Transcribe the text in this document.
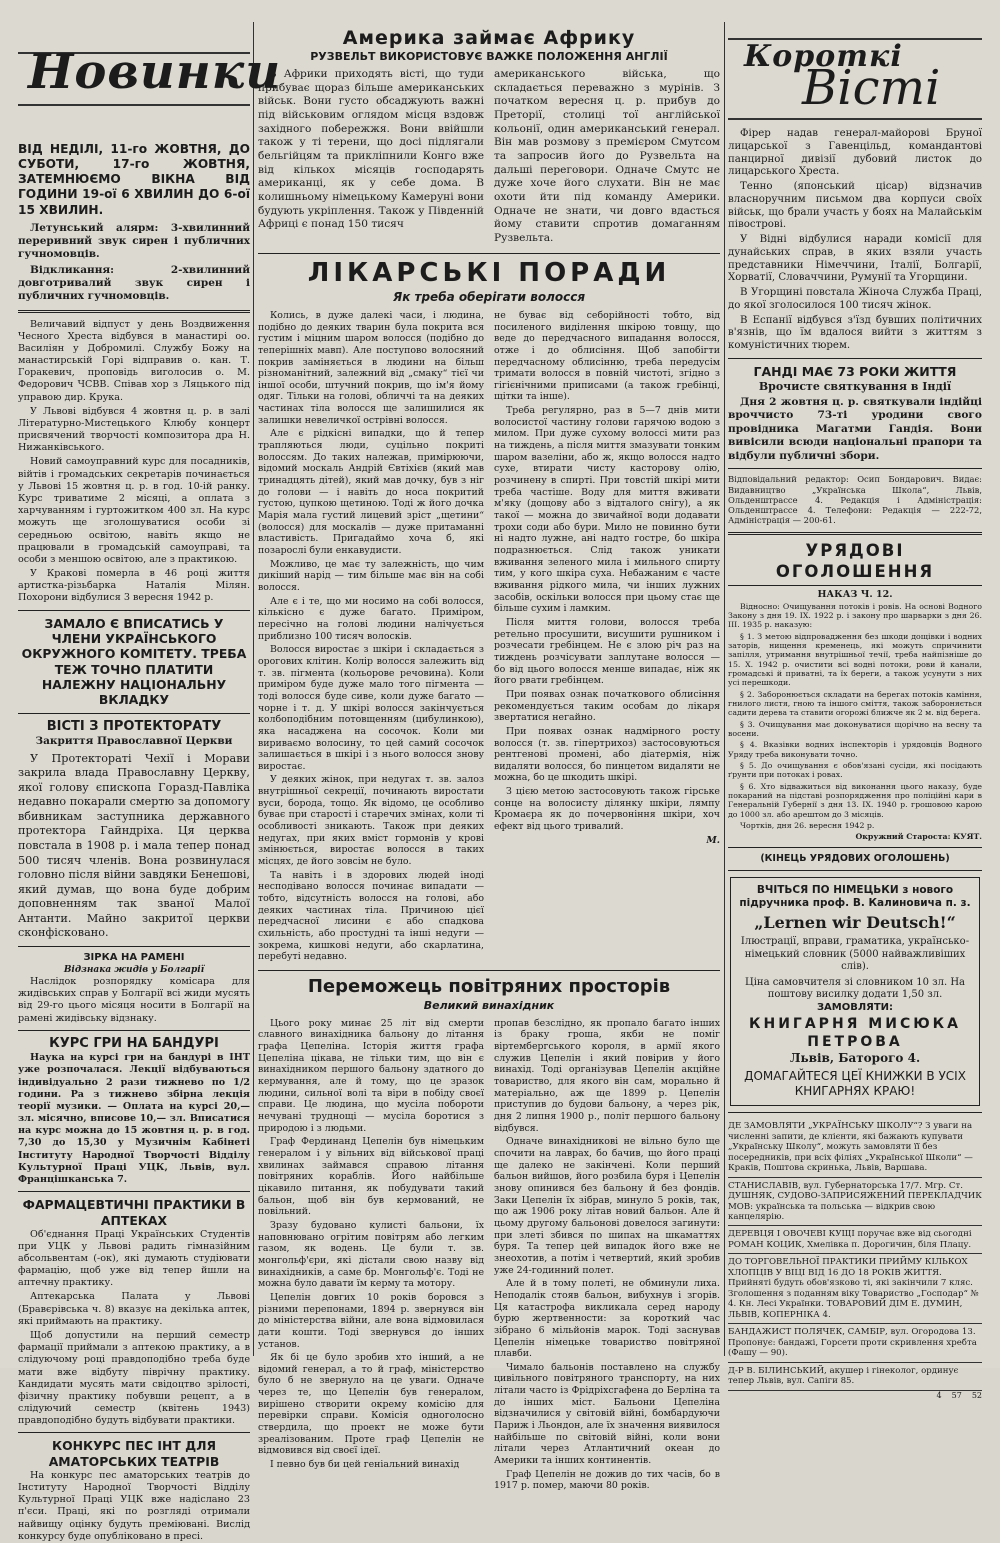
Новинки
ВІД НЕДІЛІ, 11-го ЖОВТНЯ, ДО СУБОТИ, 17-го ЖОВТНЯ, ЗАТЕМНЮЄМО ВІКНА ВІД ГОДИНИ 19-ої 6 ХВИЛИН ДО 6-ої 15 ХВИЛИН.

Летунський алярм: 3-хвилинний переривний звук сирен і публичних гучномовців.

Відкликання: 2-хвилинний довготривалий звук сирен і публичних гучномовців.

Величавий відпуст у день Воздвиження Чесного Хреста відбувся в манастирі оо. Василіян у Добромилі. Службу Божу на манастирській Горі відправив о. кан. Т. Горакевич, проповідь виголосив о. М. Федорович ЧСВВ. Співав хор з Ляцького під управою дир. Крука.

У Львові відбувся 4 жовтня ц. р. в залі Літературно-Мистецького Клюбу концерт присвячений творчості композитора дра Н. Нижанківського.

Новий самоуправний курс для посадників, війтів і громадських секретарів починається у Львові 15 жовтня ц. р. в год. 10-ій ранку. Курс триватиме 2 місяці, а оплата з харчуванням і гуртожитком 400 зл. На курс можуть ще зголошуватися особи зі середньою освітою, навіть якщо не працювали в громадській самоуправі, та особи з меншою освітою, але з практикою.

У Кракові померла в 46 році життя артистка-різьбарка Наталія Мілян. Похорони відбулися 3 вересня 1942 р.

ЗАМАЛО Є ВПИСАТИСЬ У ЧЛЕНИ УКРАЇНСЬКОГО ОКРУЖНОГО КОМІТЕТУ. ТРЕБА ТЕЖ ТОЧНО ПЛАТИТИ НАЛЕЖНУ НАЦІОНАЛЬНУ ВКЛАДКУ
ВІСТІ З ПРОТЕКТОРАТУ
Закриття Православної Церкви

У Протектораті Чехії і Морави закрила влада Православну Церкву, якої голову єпископа Горазд-Павліка недавно покарали смертю за допомогу вбивникам заступника державного протектора Гайндріха. Ця церква повстала в 1908 р. і мала тепер понад 500 тисяч членів. Вона розвинулася головно після війни завдяки Бенешові, який думав, що вона буде добрим доповненням так званої Малої Антанти. Майно закритої церкви сконфісковано.

ЗІРКА НА РАМЕНІ
Відзнака жидів у Болгарії

Наслідок розпорядку комісара для жидівських справ у Болгарії всі жиди мусять від 29-го цього місяця носити в Болгарії на рамені жидівську відзнаку.

КУРС ГРИ НА БАНДУРІ

Наука на курсі гри на бандурі в ІНТ уже розпочалася. Лекції відбуваються індивідуально 2 рази тижнево по 1/2 години. Ра з тижнево збірна лекція теорії музики. — Оплата на курсі 20,— зл. місячно, вписове 10,— зл. Вписатися на курс можна до 15 жовтня ц. р. в год. 7,30 до 15,30 у Музичнім Кабінеті Інституту Народної Творчості Відділу Культурної Праці УЦК, Львів, вул. Францішканська 7.

ФАРМАЦЕВТИЧНІ ПРАКТИКИ В АПТЕКАХ

Об'єднання Праці Українських Студентів при УЦК у Львові радить гімназійним абсольвентам (-ок), які думають студіювати фармацію, щоб уже від тепер йшли на аптечну практику.

Аптекарська Палата у Львові (Бравєрівська ч. 8) вказує на декілька аптек, які приймають на практику.

Щоб допустили на перший семестр фармації приймали з аптекою практику, а в слідуючому році правдоподібно треба буде мати вже відбуту піврічну практику. Кандидати мусять мати свідоцтво зрілості, фізичну практику побувши рецепт, а в слідуючий семестр (квітень 1943) правдоподібно будуть відбувати практики.

КОНКУРС ПЕС ІНТ ДЛЯ АМАТОРСЬКИХ ТЕАТРІВ

На конкурс пес аматорських театрів до Інституту Народної Творчості Відділу Культурної Праці УЦК вже надіслано 23 п'єси. Праці, які по розгляді отримали найвищу оцінку будуть преміювані. Вислід конкурсу буде опубліковано в пресі.

Америка займає Африку
РУЗВЕЛЬТ ВИКОРИСТОВУЄ ВАЖКЕ ПОЛОЖЕННЯ АНГЛІЇ

З Африки приходять вісті, що туди прибуває щораз більше американських військ. Вони густо обсаджують важні під військовим оглядом місця вздовж західного побережжя. Вони ввійшли також у ті терени, що досі підлягали бельгійцям та прикліпнили Конго вже від кількох місяців господарять американці, як у себе дома. В колишньому німецькому Камеруні вони будують укріплення. Також у Південній Африці є понад 150 тисяч

американського війська, що складається переважно з мурінів. З початком вересня ц. р. прибув до Преторії, столиці тої англійської кольонії, один американський генерал. Він мав розмову з премієром Смутсом та запросив його до Рузвельта на дальші переговори. Одначе Смутс не дуже хоче його слухати. Він не має охоти йти під команду Америки. Одначе не знати, чи довго вдасться йому ставити спротив домаганням Рузвельта.

ЛІКАРСЬКІ ПОРАДИ
Як треба оберігати волосся

Колись, в дуже далекі часи, і людина, подібно до деяких тварин була покрита вся густим і міцним шаром волосся (подібно до теперішніх мавп). Але поступово волосяний покрив заміняється в людини на більш різноманітний, залежний від „смаку“ тієї чи іншої особи, штучний покрив, що ім'я йому одяг. Тільки на голові, обличчі та на деяких частинах тіла волосся ще залишилися як залишки невеличкої острівні волосся.

Але є рідкісні випадки, що й тепер трапляються люди, суцільно покриті волоссям. До таких належав, примірюючи, відомий москаль Андрій Євтіхієв (який мав тринадцять дітей), який мав дочку, був з ніг до голови — і навіть до носа покритий густою, цупкою щетиною. Тоді ж його дочка Марія мала густий лицевий зріст „щетини“ (волосся) для москалів — дуже притаманні властивість. Пригадаймо хоча б, які позарослі були енкавудисти.

Можливо, це має ту залежність, що чим дикіший нарід — тим більше має він на собі волосся.

Але є і те, що ми носимо на собі волосся, кількісно є дуже багато. Приміром, пересічно на голові людини налічується приблизно 100 тисяч волосків.

Волосся виростає з шкіри і складається з орогових клітин. Колір волосся залежить від т. зв. пігмента (кольорове речовина). Коли приміром буде дуже мало того пігмента — тоді волосся буде сиве, коли дуже багато — чорне і т. д. У шкірі волосся закінчується колбоподібним потовщенням (цибулинкою), яка насаджена на сосочок. Коли ми вириваємо волосину, то цей самий сосочок залишається в шкірі і з нього волосся знову виростає.

У деяких жінок, при недугах т. зв. залоз внутрішньої секреції, починають виростати вуси, борода, тощо. Як відомо, це особливо буває при старості і старечих змінах, коли ті особливості зникають. Також при деяких недугах, при яких вміст гормонів у крові змінюється, виростає волосся в таких місцях, де його зовсім не було.

Та навіть і в здорових людей іноді несподівано волосся починає випадати — тобто, відсутність волосся на голові, або деяких частинах тіла. Причиною цієї передчасної лисини є або спадкова схильність, або простудні та інші недуги — зокрема, кишкові недуги, або скарлатина, перебуті недавно.

не буває від себорійності тобто, від посиленого виділення шкірою товщу, що веде до передчасного випадання волосся, отже і до облисіння. Щоб запобігти передчасному облисінню, треба передусім тримати волосся в повній чистоті, згідно з гігієнічними приписами (а також гребінці, щітки та інше).

Треба регулярно, раз в 5—7 днів мити волосистої частину голови гарячою водою з милом. При дуже сухому волоссі мити раз на тиждень, а після миття змазувати тонким шаром вазеліни, або ж, якщо волосся надто сухе, втирати чисту касторову олію, розчинену в спирті. При товстій шкірі мити треба частіше. Воду для миття вживати м'яку (дощову або з відталого снігу), а як такої — можна до звичайної води додавати трохи соди або бури. Мило не повинно бути ні надто лужне, ані надто гостре, бо шкіра подразнюється. Слід також уникати вживання зеленого мила і мильного спирту тим, у кого шкіра суха. Небажаним є часте вживання рідкого мила, чи інших лужних засобів, оскільки волосся при цьому стає ще більше сухим і ламким.

Після миття голови, волосся треба ретельно просушити, висушити рушником і розчесати гребінцем. Не є злою річ раз на тиждень розчісувати заплутане волосся — бо від цього волосся менше випадає, ніж як його рвати гребінцем.

При появах ознак початкового облисіння рекомендується таким особам до лікаря звертатися негайно.

При появах ознак надмірного росту волосся (т. зв. гіпертрихоз) застосовуються рентгенові промені, або діатермія, ніж видаляти волосся, бо пинцетом видаляти не можна, бо це шкодить шкірі.

З цією метою застосовують також гірське сонце на волосисту ділянку шкіри, лямпу Кромаєра як до почервоніння шкіри, хоч ефект від цього тривалий.

М.
Переможець повітряних просторів
Великий винахідник

Цього року минає 25 літ від смерти славного винахідника бальону до літання графа Цепеліна. Історія життя графа Цепеліна цікава, не тільки тим, що він є винахідником першого бальону здатного до кермування, але й тому, що це зразок людини, сильної волі та віри в побіду своєї справи. Це людина, що мусіла побороти нечувані труднощі — мусіла боротися з природою і з людьми.

Граф Фердинанд Цепелін був німецьким генералом і у вільних від військової праці хвилинах займався справою літання повітряних кораблів. Його найбільше цікавило питання, як побудувати такий бальон, щоб він був кермований, не повільний.

Зразу будовано кулисті бальони, їх наповнювано огрітим повітрям або легким газом, як водень. Це були т. зв. монгольф'єри, які дістали свою назву від винахідників, а саме бр. Монгольф'є. Тоді не можна було давати їм керму та мотору.

Цепелін довгих 10 років боровся з різними перепонами, 1894 р. звернувся він до міністерства війни, але вона відмовилася дати кошти. Тоді звернувся до інших установ.

Як бі це було зробив хто інший, а не відомий генерал, а то й граф, міністерство було б не звернуло на це уваги. Одначе через те, що Цепелін був генералом, вирішено створити окрему комісію для перевірки справи. Комісія одноголосно ствердила, що проект не може бути зреалізованим. Проте граф Цепелін не відмовився від своєї ідеї.

І певно був би цей геніальний винахід

пропав безслідно, як пропало багато інших із браку гроша, якби не поміг віртембергського короля, в армії якого служив Цепелін і який повірив у його винахід. Тоді організував Цепелін акційне товариство, для якого він сам, морально й матеріально, аж ще 1899 р. Цепелін приступив до будови бальону, а через рік, дня 2 липня 1900 р., політ першого бальону відбувся.

Одначе винахідникові не вільно було ще спочити на лаврах, бо бачив, що його праці ще далеко не закінчені. Коли перший бальон вийшов, його розбила буря і Цепелін знову опинився без бальону й без фондів. Заки Цепелін їх зібрав, минуло 5 років, так, що аж 1906 року літав новий бальон. Але й цьому другому бальонові довелося загинути: при злеті збився по шипах на шкаматтях буря. Та тепер цей випадок його вже не знеохотив, а потім і четвертий, який зробив уже 24-годинний полет.

Але й в тому полеті, не обминули лиха. Неподалік стояв бальон, вибухнув і згорів. Ця катастрофа викликала серед народу бурю жертвенности: за короткий час зібрано 6 мільйонів марок. Тоді заснував Цепелін німецьке товариство повітряної плавби.

Чимало бальонів поставлено на службу цивільного повітряного транспорту, на них літали часто із Фрідріхсгафена до Берліна та до інших міст. Бальони Цепеліна відзначилися у світовій війні, бомбардуючи Париж і Льондон, але їх значення виявилося найбільше по світовій війні, коли вони літали через Атлантичний океан до Америки та інших континентів.

Граф Цепелін не дожив до тих часів, бо в 1917 р. помер, маючи 80 років.

Короткі
Вісті

Фірер надав генерал-майорові Бруної лицарської з Гавенцільд, командантові панцирної дивізії дубовий листок до лицарського Хреста.

Тенно (японський цісар) відзначив власноручним письмом два корпуси своїх військ, що брали участь у боях на Малайськім півострові.

У Відні відбулися наради комісії для дунайських справ, в яких взяли участь представники Німеччини, Італії, Болгарії, Хорватії, Словаччини, Румунії та Угорщини.

В Угорщині повстала Жіноча Служба Праці, до якої зголосилося 100 тисяч жінок.

В Еспанії відбувся з'їзд бувших політичних в'язнів, що їм вдалося вийти з життям з комуністичних тюрем.

ГАНДІ МАЄ 73 РОКИ ЖИТТЯ
Врочисте святкування в Індії

Дня 2 жовтня ц. р. святкували індійці вроччисто 73-ті уродини свого провідника Магатми Гандія. Вони вивісили всюди національні прапори та відбули публичні збори.

Відповідальний редактор: Осип Бондарович. Видає: Видавництво „Українська Школа“, Львів, Ольденштрассе 4. Редакція і Адміністрація: Ольденштрассе 4. Телефони: Редакція — 222-72, Адміністрація — 200-61.

УРЯДОВІ ОГОЛОШЕННЯ
НАКАЗ Ч. 12.

Відносно: Очищування потоків і ровів. На основі Водного Закону з дня 19. IX. 1922 р. і закону про шарварки з дня 26. III. 1935 р. наказую:

§ 1. З метою відпровадження без шкоди дощівки і водних заторів, нищення кременець, які можуть спричинити запілля, утримання внутрішньої течії, треба найпізніше до 15. X. 1942 р. очистити всі водні потоки, рови й канали, громадські й приватні, та їх береги, а також усунути з них усі перешкоди.

§ 2. Заборонюється складати на берегах потоків каміння, гнилого листя, гною та іншого сміття, також забороняється садити дерева та ставити огорожі ближче як 2 м. від берега.

§ 3. Очищування має доконуватися щорічно на весну та восени.

§ 4. Вказівки водних інспекторів і урядовців Водного Уряду треба виконувати точно.

§ 5. До очищування є обов'язані сусіди, які посідають ґрунти при потоках і ровах.

§ 6. Хто відважиться від виконання цього наказу, буде покараний на підставі розпорядження про поліційні кари в Генеральній Губернії з дня 13. IX. 1940 р. грошовою карою до 1000 зл. або арештом до 3 місяців.

Чортків, дня 26. вересня 1942 р.

Окружний Староста: КУЯТ.
(КІНЕЦЬ УРЯДОВИХ ОГОЛОШЕНЬ)
ВЧІТЬСЯ ПО НІМЕЦЬКИ з нового підручника проф. В. Калиновича п. з.
„Lernen wir Deutsch!“
Ілюстрації, вправи, граматика, українсько-німецький словник (5000 найважливіших слів).
Ціна самовчителя зі словником 10 зл. На поштову висилку додати 1,50 зл.
ЗАМОВЛЯТИ:
КНИГАРНЯ МИСЮКА ПЕТРОВА
Львів, Баторого 4.
ДОМАГАЙТЕСЯ ЦЕЇ КНИЖКИ В УСІХ КНИГАРНЯХ КРАЮ!
ДЕ ЗАМОВЛЯТИ „УКРАЇНСЬКУ ШКОЛУ“? З уваги на численні запити, де клієнти, які бажають купувати „Українську Школу“, можуть замовляти її без посередників, при всіх філіях „Української Школи“ — Краків, Поштова скринька, Львів, Варшава.
СТАНИСЛАВІВ, вул. Губернаторська 17/7. Мгр. Ст. ДУШНЯК, СУДОВО-ЗАПРИСЯЖЕНИЙ ПЕРЕКЛАДЧИК МОВ: українська та польська — відкрив свою канцелярію.
ДЕРЕВЦЯ І ОВОЧЕВІ КУЩІ поручає вже від сьогодні РОМАН КОЦИК, Хмелівка п. Дорогичин, біля Плацу.
ДО ТОРГОВЕЛЬНОЇ ПРАКТИКИ ПРИЙМУ КІЛЬКОХ ХЛОПЦІВ У ВІЦІ ВІД 16 ДО 18 РОКІВ ЖИТТЯ. Прийняті будуть обов'язково ті, які закінчили 7 кляс. Зголошення з поданням віку Товариство „Господар“ № 4. Кн. Лесі Українки. ТОВАРОВИЙ ДІМ Е. ДУМИН, ЛЬВІВ, КОПЕРНІКА 4.
БАНДАЖИСТ ПОЛЯЧЕК, САМБІР, вул. Огородова 13. Пропонує: бандажі, Горсети проти скривлення хребта (Фашу — 90).
Д-Р В. БІЛИНСЬКИЙ, акушер і гінеколог, ординує тепер Львів, вул. Сапіги 85.
4 57 52
